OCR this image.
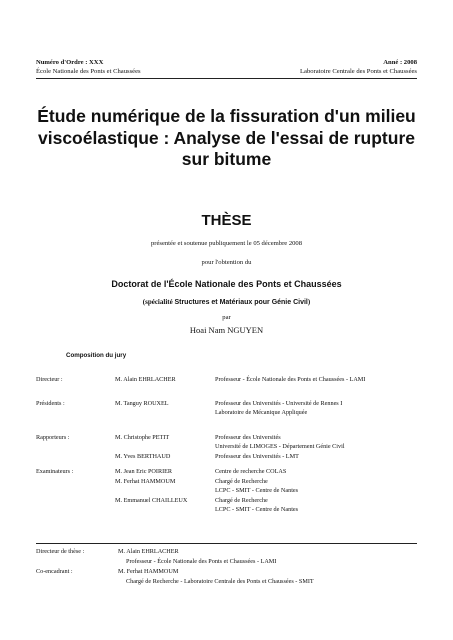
Numéro d'Ordre : XXX	Anné : 2008
École Nationale des Ponts et Chaussées	Laboratoire Centrale des Ponts et Chaussées
Étude numérique de la fissuration d'un milieu viscoélastique : Analyse de l'essai de rupture sur bitume
THÈSE
présentée et soutenue publiquement le 05 décembre 2008
pour l'obtention du
Doctorat de l'École Nationale des Ponts et Chaussées
(spécialité Structures et Matériaux pour Génie Civil)
par
Hoai Nam NGUYEN
Composition du jury
Directeur :	M. Alain EHRLACHER	Professeur - École Nationale des Ponts et Chaussées - LAMI
Présidents :	M. Tanguy ROUXEL	Professeur des Universités - Université de Rennes I
Laboratoire de Mécanique Appliquée
Rapporteurs :	M. Christophe PETIT	Professeur des Universités
Université de LIMOGES - Département Génie Civil
M. Yves BERTHAUD	Professeur des Universités - LMT
Examinateurs :	M. Jean Eric POIRIER	Centre de recherche COLAS
M. Ferhat HAMMOUM	Chargé de Recherche
LCPC - SMIT - Centre de Nantes
M. Emmanuel CHAILLEUX	Chargé de Recherche
LCPC - SMIT - Centre de Nantes
Directeur de thèse :	M. Alain EHRLACHER
Professeur - École Nationale des Ponts et Chaussées - LAMI
Co-encadrant :	M. Ferhat HAMMOUM
Chargé de Recherche - Laboratoire Centrale des Ponts et Chaussées - SMIT
